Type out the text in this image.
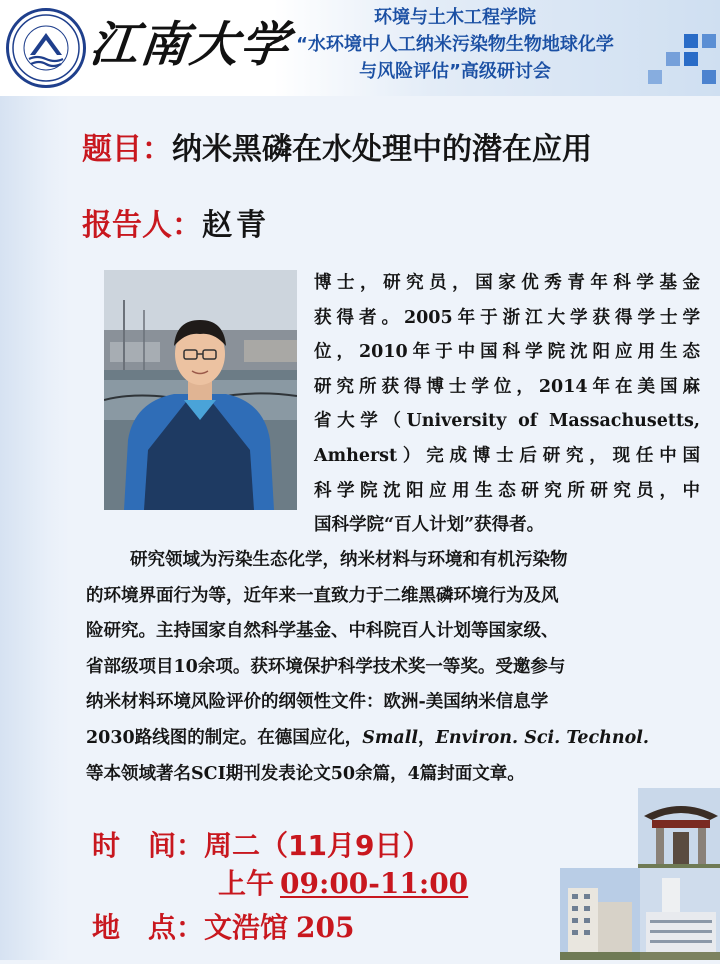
江南大学	环境与土木工程学院
“水环境中人工纳米污染物生物地球化学
与风险评估”高级研讨会
题目：纳米黑磷在水处理中的潜在应用
报告人：赵青
博士，研究员，国家优秀青年科学基金
获得者。2005年于浙江大学获得学士学
位，2010年于中国科学院沈阳应用生态
研究所获得博士学位，2014年在美国麻
省大学（University of Massachusetts,
Amherst）完成博士后研究，现任中国
科学院沈阳应用生态研究所研究员，中
国科学院“百人计划”获得者。
研究领域为污染生态化学，纳米材料与环境和有机污染物
的环境界面行为等，近年来一直致力于二维黑磷环境行为及风
险研究。主持国家自然科学基金、中科院百人计划等国家级、
省部级项目10余项。获环境保护科学技术奖一等奖。受邀参与
纳米材料环境风险评价的纲领性文件：欧洲-美国纳米信息学
2030路线图的制定。在德国应化，Small，Environ. Sci. Technol.
等本领域著名SCI期刊发表论文50余篇，4篇封面文章。
时　间：周二（11月9日）
上午 09:00-11:00
地　点：文浩馆 205
